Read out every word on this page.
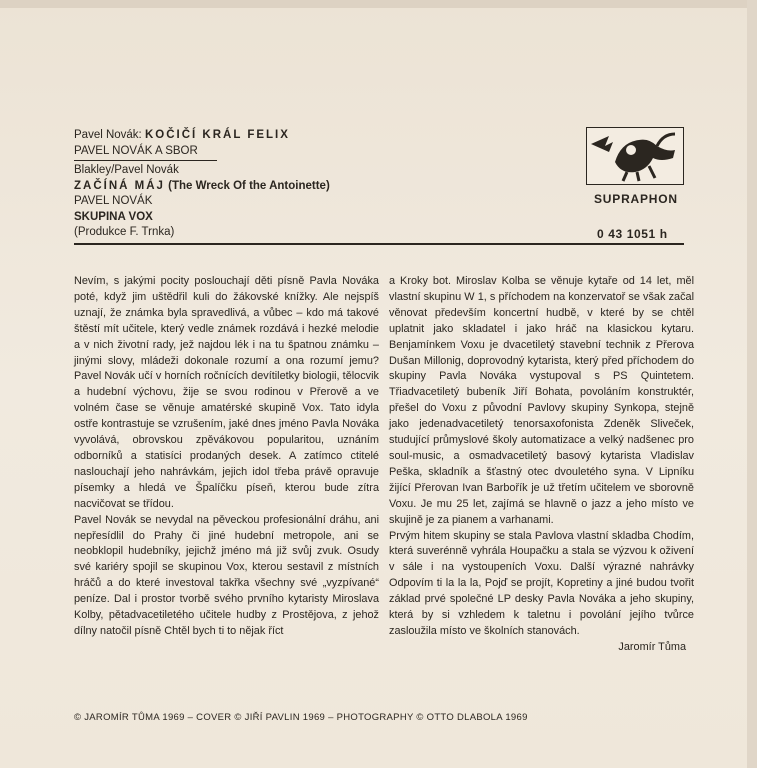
Pavel Novák: KOČIČÍ KRÁL FELIX
PAVEL NOVÁK A SBOR
Blakley/Pavel Novák
ZAČÍNÁ MÁJ (The Wreck Of the Antoinette)
PAVEL NOVÁK
SKUPINA VOX
(Produkce F. Trnka)
SUPRAPHON
0 43 1051 h

Nevím, s jakými pocity poslouchají děti písně Pavla Nováka poté, když jim uštědřil kuli do žákovské knížky. Ale nejspíš uznají, že známka byla spravedlivá, a vůbec – kdo má takové štěstí mít učitele, který vedle známek rozdává i hezké melodie a v nich životní rady, jež najdou lék i na tu špatnou známku – jinými slovy, mládeži dokonale rozumí a ona rozumí jemu? Pavel Novák učí v horních ročnících devítiletky biologii, tělocvik a hudební výchovu, žije se svou rodinou v Přerově a ve volném čase se věnuje amatérské skupině Vox. Tato idyla ostře kontrastuje se vzrušením, jaké dnes jméno Pavla Nováka vyvolává, obrovskou zpěvákovou popularitou, uznáním odborníků a statisíci prodaných desek. A zatímco ctitelé naslouchají jeho nahrávkám, jejich idol třeba právě opravuje písemky a hledá ve Špalíčku píseň, kterou bude zítra nacvičovat se třídou.

Pavel Novák se nevydal na pěveckou profesionální dráhu, ani nepřesídlil do Prahy či jiné hudební metropole, ani se neobklopil hudebníky, jejichž jméno má již svůj zvuk. Osudy své kariéry spojil se skupinou Vox, kterou sestavil z místních hráčů a do které investoval takřka všechny své „vyzpívané“ peníze. Dal i prostor tvorbě svého prvního kytaristy Miroslava Kolby, pětadvacetiletého učitele hudby z Prostějova, z jehož dílny natočil písně Chtěl bych ti to nějak říct

a Kroky bot. Miroslav Kolba se věnuje kytaře od 14 let, měl vlastní skupinu W 1, s příchodem na konzervatoř se však začal věnovat především koncertní hudbě, v které by se chtěl uplatnit jako skladatel i jako hráč na klasickou kytaru. Benjamínkem Voxu je dvacetiletý stavební technik z Přerova Dušan Millonig, doprovodný kytarista, který před příchodem do skupiny Pavla Nováka vystupoval s PS Quintetem. Třiadvacetiletý bubeník Jiří Bohata, povoláním konstruktér, přešel do Voxu z původní Pavlovy skupiny Synkopa, stejně jako jedenadvacetiletý tenorsaxofonista Zdeněk Sliveček, studující průmyslové školy automatizace a velký nadšenec pro soul-music, a osmadvacetiletý basový kytarista Vladislav Peška, skladník a šťastný otec dvouletého syna. V Lipníku žijící Přerovan Ivan Barbořík je už třetím učitelem ve sborovně Voxu. Je mu 25 let, zajímá se hlavně o jazz a jeho místo ve skujině je za pianem a varhanami.

Prvým hitem skupiny se stala Pavlova vlastní skladba Chodím, která suverénně vyhrála Houpačku a stala se výzvou k oživení v sále i na vystoupeních Voxu. Další výrazné nahrávky Odpovím ti la la la, Pojď se projít, Kopretiny a jiné budou tvořit základ prvé společné LP desky Pavla Nováka a jeho skupiny, která by si vzhledem k taletnu i povolání jejího tvůrce zasloužila místo ve školních stanovách.

Jaromír Tůma

© JAROMÍR TŮMA 1969 – COVER © JIŘÍ PAVLIN 1969 – PHOTOGRAPHY © OTTO DLABOLA 1969
